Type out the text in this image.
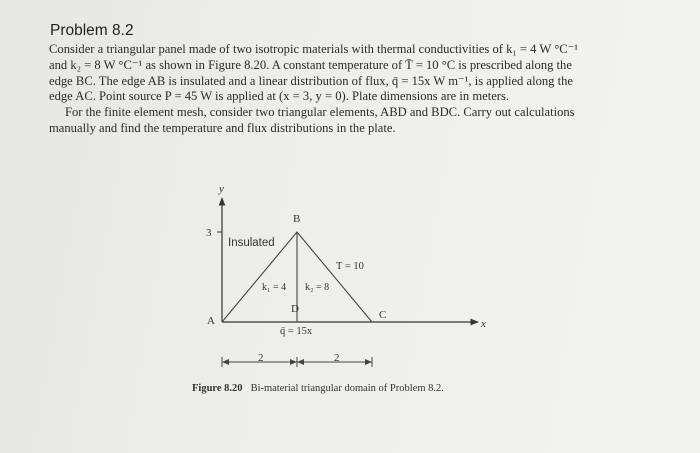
Problem 8.2
Consider a triangular panel made of two isotropic materials with thermal conductivities of k₁ = 4 W °C⁻¹
and k₂ = 8 W °C⁻¹ as shown in Figure 8.20. A constant temperature of T̄ = 10 °C is prescribed along the
edge BC. The edge AB is insulated and a linear distribution of flux, q̄ = 15x W m⁻¹, is applied along the
edge AC. Point source P = 45 W is applied at (x = 3, y = 0). Plate dimensions are in meters.
For the finite element mesh, consider two triangular elements, ABD and BDC. Carry out calculations
manually and find the temperature and flux distributions in the plate.
y
x
3
A
B
C
D
T = 10
k₁ = 4 k₂ = 8
q̄ = 15x
2	2
Insulated
Figure 8.20 Bi-material triangular domain of Problem 8.2.
